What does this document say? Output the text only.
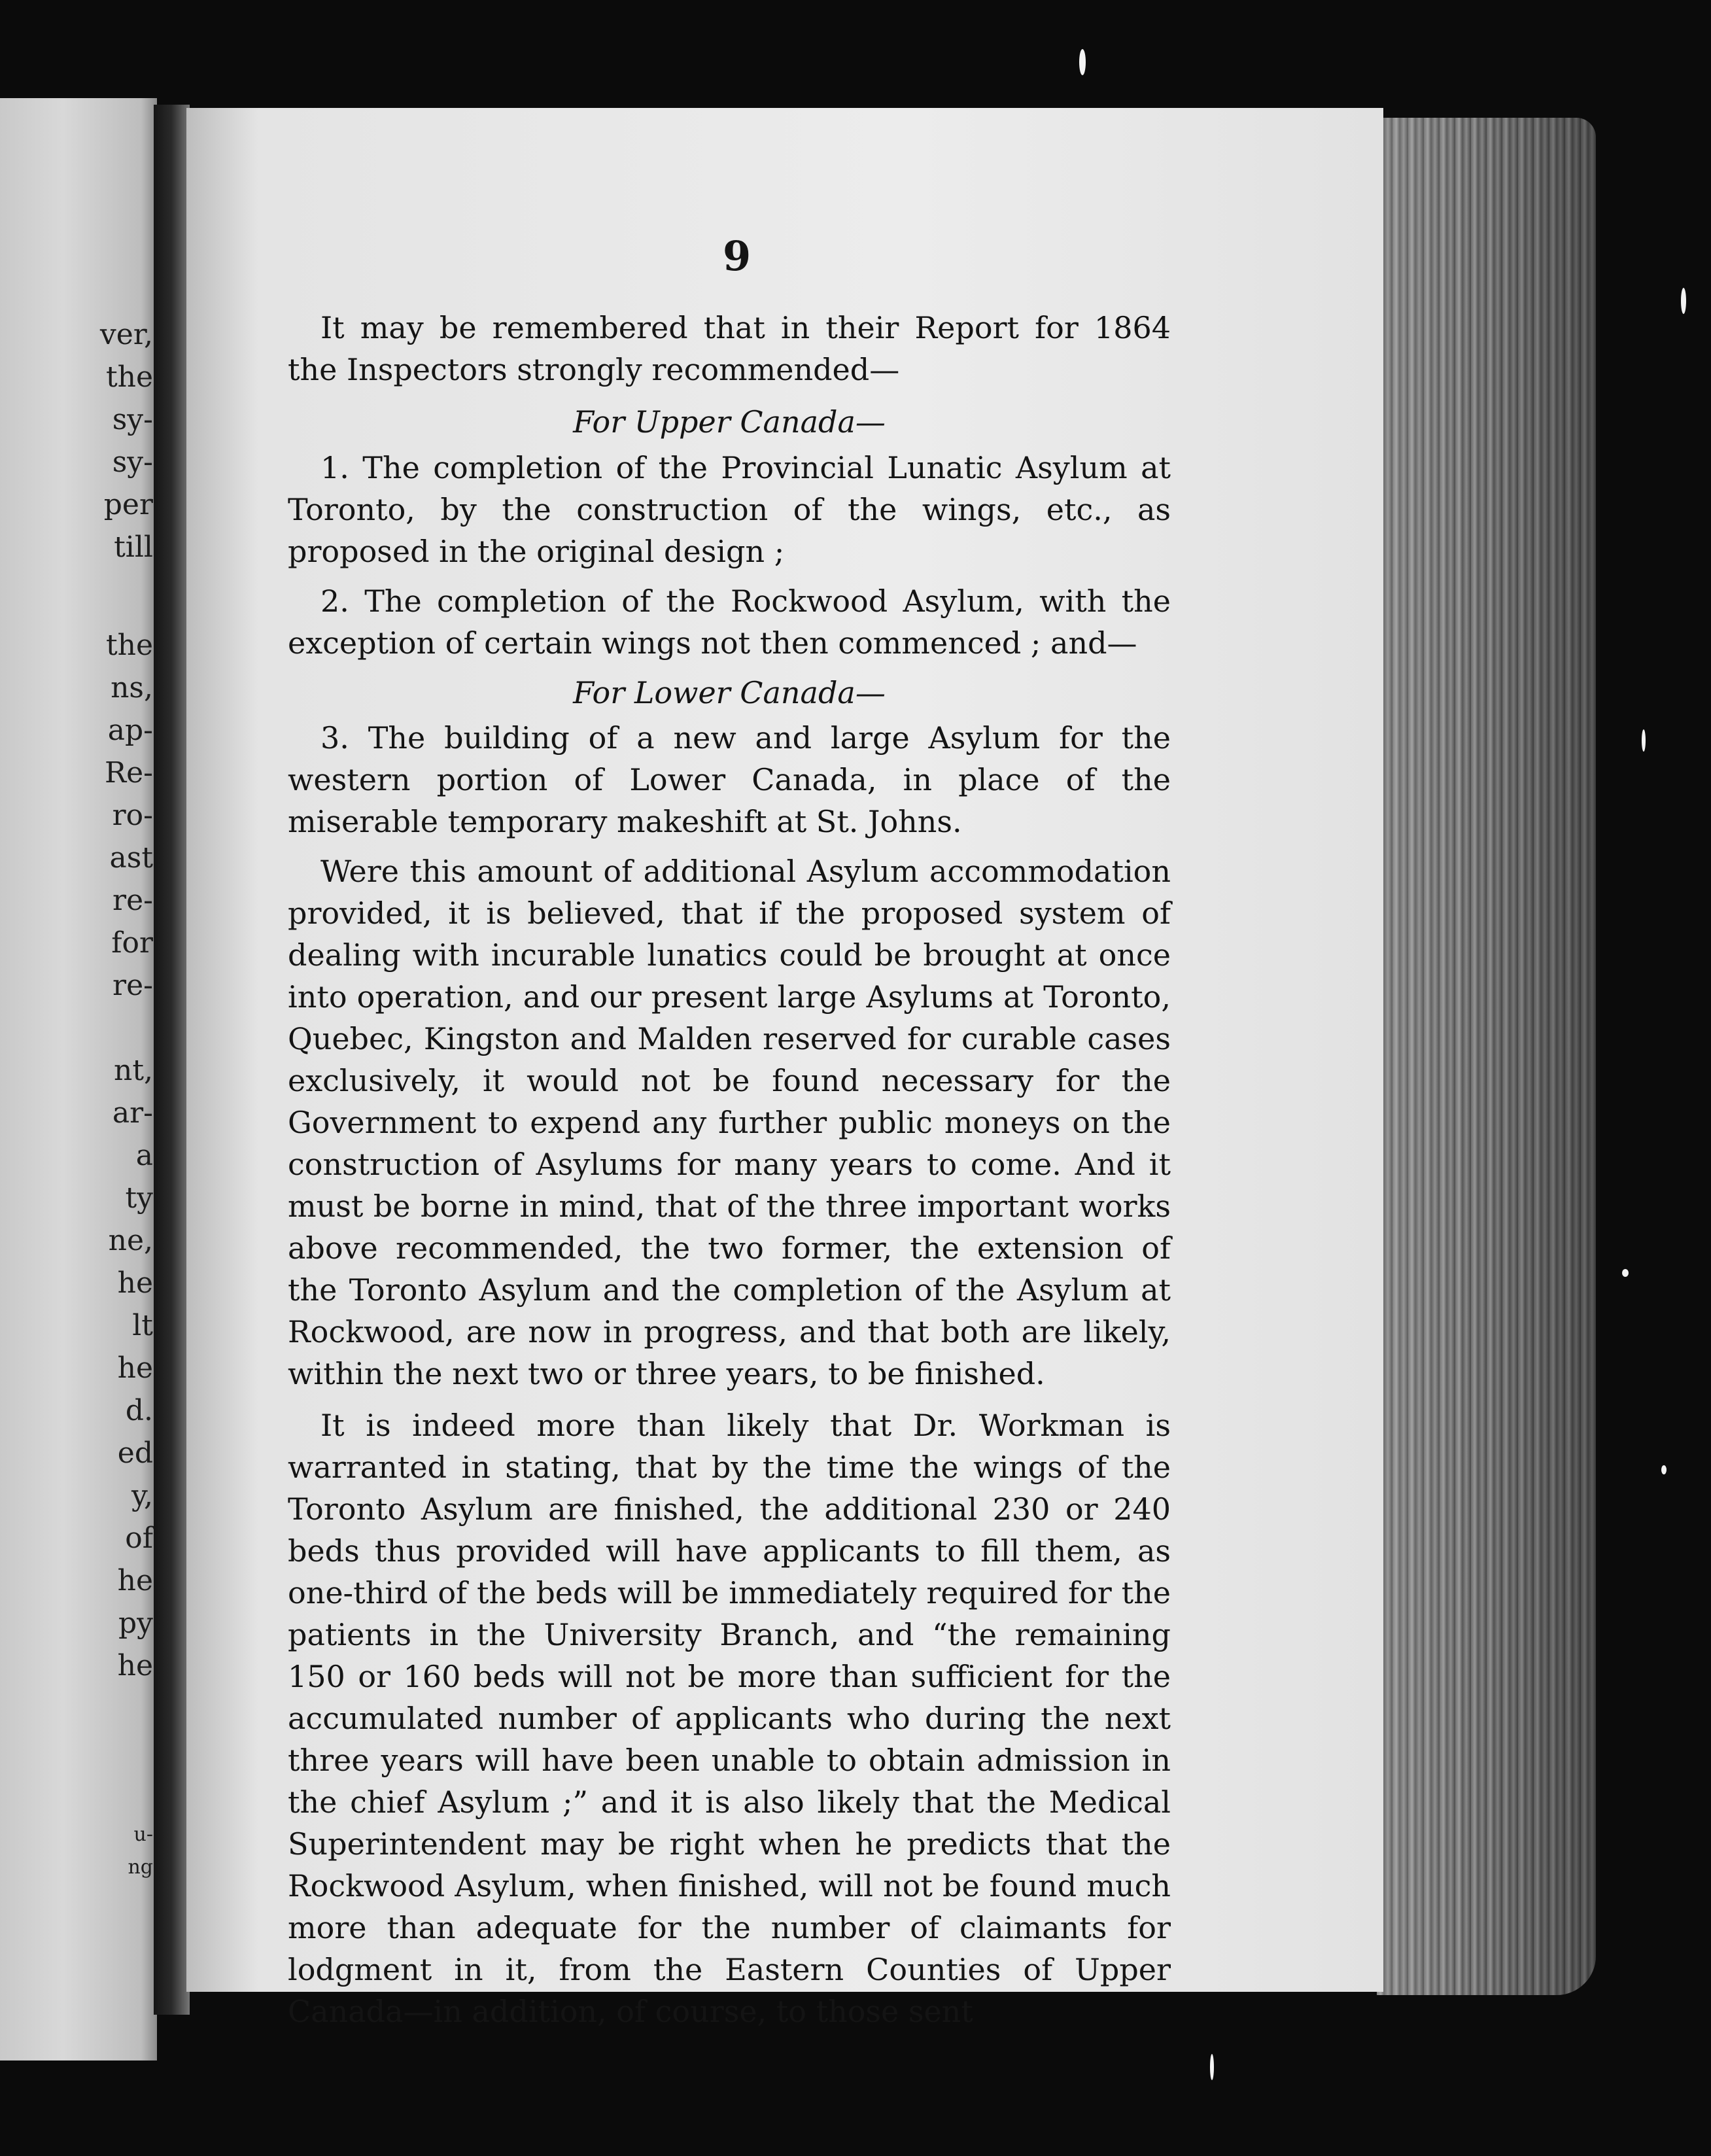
ver,
the
sy-
sy-
per
till
the
ns,
ap-
Re-
ro-
ast
re-
for
re-
nt,
ar-
a
ty
ne,
he
lt
he
d.
ed
y,
of
he
py
he
u-
ng
9

It may be remembered that in their Report for 1864 the Inspectors strongly recommended—

For Upper Canada—

1. The completion of the Provincial Lunatic Asylum at Toronto, by the construction of the wings, etc., as proposed in the original design ;

2. The completion of the Rockwood Asylum, with the exception of certain wings not then commenced ; and—

For Lower Canada—

3. The building of a new and large Asylum for the western portion of Lower Canada, in place of the miserable temporary makeshift at St. Johns.

Were this amount of additional Asylum accommodation provided, it is believed, that if the proposed system of dealing with incurable lunatics could be brought at once into operation, and our present large Asylums at Toronto, Quebec, Kingston and Malden reserved for curable cases exclusively, it would not be found necessary for the Government to expend any further public moneys on the construction of Asylums for many years to come. And it must be borne in mind, that of the three important works above recommended, the two former, the extension of the Toronto Asylum and the completion of the Asylum at Rockwood, are now in progress, and that both are likely, within the next two or three years, to be finished.

It is indeed more than likely that Dr. Workman is warranted in stating, that by the time the wings of the Toronto Asylum are finished, the additional 230 or 240 beds thus provided will have applicants to fill them, as one-third of the beds will be immediately required for the patients in the University Branch, and “the remaining 150 or 160 beds will not be more than sufficient for the accumulated number of applicants who during the next three years will have been unable to obtain admission in the chief Asylum ;” and it is also likely that the Medical Superintendent may be right when he predicts that the Rockwood Asylum, when finished, will not be found much more than adequate for the number of claimants for lodgment in it, from the Eastern Counties of Upper Canada—in addition, of course, to those sent
